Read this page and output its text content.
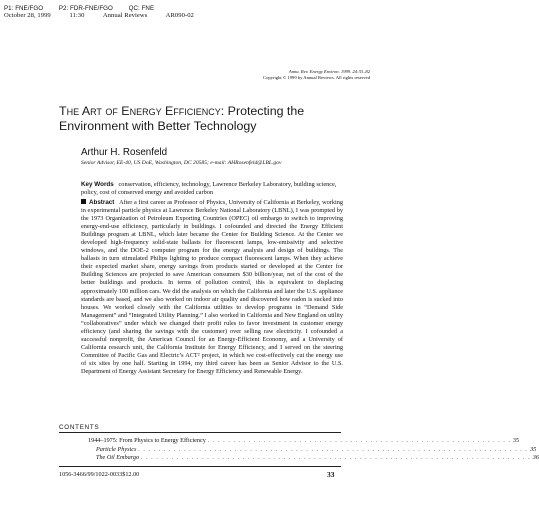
P1: FNE/FGO	P2: FDR-FNE/FGO	QC: FNE
October 28, 1999	11:30	Annual Reviews	AR090-02
Annu. Rev. Energy Environ. 1999. 24:33–82
Copyright © 1999 by Annual Reviews. All rights reserved
The Art of Energy Efficiency: Protecting the Environment with Better Technology
Arthur H. Rosenfeld
Senior Advisor, EE-40, US DoE, Washington, DC 20585; e-mail: AHRosenfeld@LBL.gov
Key Words conservation, efficiency, technology, Lawrence Berkeley Laboratory, building science, policy, cost of conserved energy and avoided carbon
Abstract After a first career as Professor of Physics, University of California at Berkeley, working in experimental particle physics at Lawrence Berkeley National Laboratory (LBNL), I was prompted by the 1973 Organization of Petroleum Exporting Countries (OPEC) oil embargo to switch to improving energy-end-use efficiency, particularly in buildings. I cofounded and directed the Energy Efficient Buildings program at LBNL, which later became the Center for Building Science. At the Center we developed high-frequency solid-state ballasts for fluorescent lamps, low-emissivity and selective windows, and the DOE-2 computer program for the energy analysis and design of buildings. The ballasts in turn stimulated Philips lighting to produce compact fluorescent lamps. When they achieve their expected market share, energy savings from products started or developed at the Center for Building Sciences are projected to save American consumers $30 billion/year, net of the cost of the better buildings and products. In terms of pollution control, this is equivalent to displacing approximately 100 million cars. We did the analysis on which the California and later the U.S. appliance standards are based, and we also worked on indoor air quality and discovered how radon is sucked into houses. We worked closely with the California utilities to develop programs in “Demand Side Management” and “Integrated Utility Planning.” I also worked in California and New England on utility “collaboratives” under which we changed their profit rules to favor investment in customer energy efficiency (and sharing the savings with the customer) over selling raw electricity. I cofounded a successful nonprofit, the American Council for an Energy-Efficient Economy, and a University of California research unit, the California Institute for Energy Efficiency, and I served on the steering Committee of Pacific Gas and Electric’s ACT² project, in which we cost-effectively cut the energy use of six sites by one half. Starting in 1994, my third career has been as Senior Advisor to the U.S. Department of Energy Assistant Secretary for Energy Efficiency and Renewable Energy.
CONTENTS
1944–1975: From Physics to Energy Efficiency . . . . . . . . . . . . . . . . . . . . . . . . . . . . . . . . . . . . . . . . . . . . . . . . . . . . . . . . . . . . 35
Particle Physics . . . . . . . . . . . . . . . . . . . . . . . . . . . . . . . . . . . . . . . . . . . . . . . . . . . . . . . . . . . . . . . . . . . . . . . . . . . . . 35
The Oil Embargo . . . . . . . . . . . . . . . . . . . . . . . . . . . . . . . . . . . . . . . . . . . . . . . . . . . . . . . . . . . . . . . . . . . . . . . . . . . . . 36
1056-3466/99/1022-0033$12.00	33
